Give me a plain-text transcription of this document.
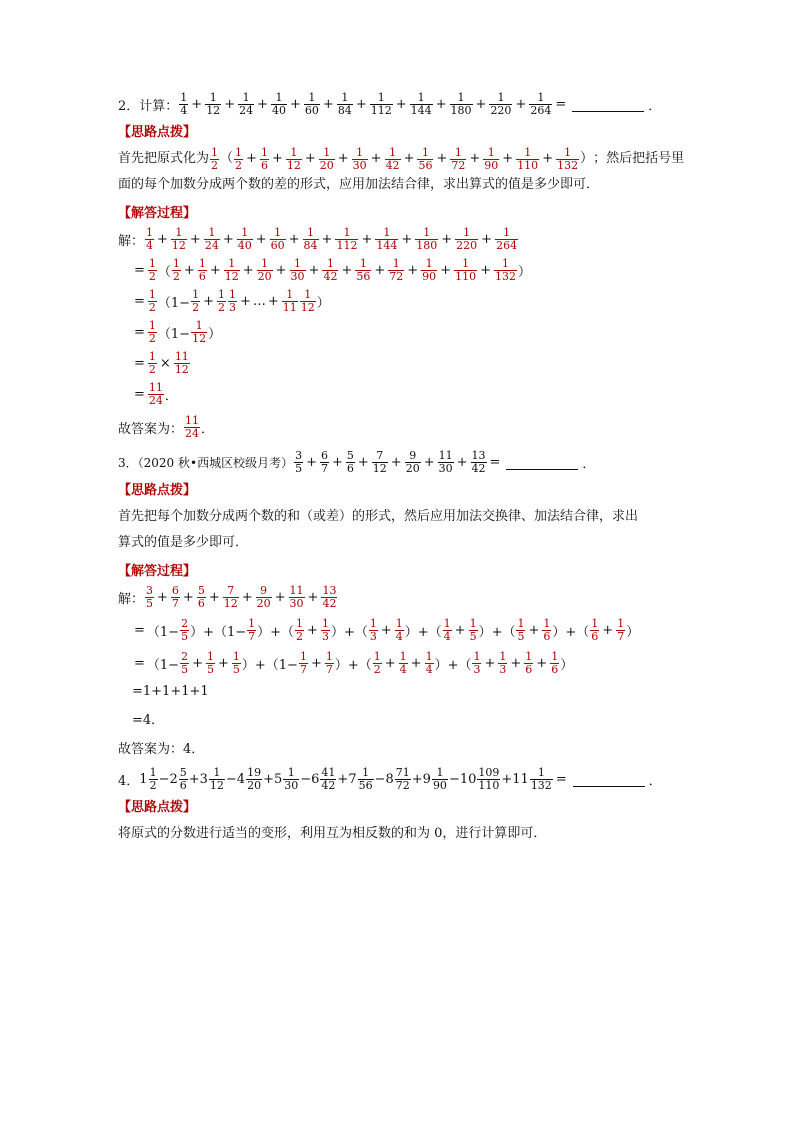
2．计算： $\frac{1}{4} + \frac{1}{12} + \frac{1}{24} + \frac{1}{40} + \frac{1}{60} + \frac{1}{84} + \frac{1}{112} + \frac{1}{144} + \frac{1}{180} + \frac{1}{220} + \frac{1}{264}$ =	．
【思路点拨】
首先把原式化为 $\frac{1}{2}$ （ $\frac{1}{2} + \frac{1}{6} + \frac{1}{12} + \frac{1}{20} + \frac{1}{30} + \frac{1}{42} + \frac{1}{56} + \frac{1}{72} + \frac{1}{90} + \frac{1}{110} + \frac{1}{132}$ ） ；然后把括号里
面的每个加数分成两个数的差的形式，应用加法结合律，求出算式的值是多少即可．
【解答过程】
解： $\frac{1}{4} + \frac{1}{12} + \frac{1}{24} + \frac{1}{40} + \frac{1}{60} + \frac{1}{84} + \frac{1}{112} + \frac{1}{144} + \frac{1}{180} + \frac{1}{220} + \frac{1}{264}$
= $\frac{1}{2}$ （ $\frac{1}{2} + \frac{1}{6} + \frac{1}{12} + \frac{1}{20} + \frac{1}{30} + \frac{1}{42} + \frac{1}{56} + \frac{1}{72} + \frac{1}{90} + \frac{1}{110} + \frac{1}{132}$ ）
= $\frac{1}{2} (1- \frac{1}{2} + \frac{1}{2} \frac{1}{3}$ + … + $\frac{1}{11} \frac{1}{12}$ ）
= $\frac{1}{2} (1- \frac{1}{12}$ ）
= $\frac{1}{2} \times \frac{11}{12}$
= $\frac{11}{24}$ ．
故答案为： $\frac{11}{24}$ ．
3．（2020 秋•西城区校级月考） $\frac{3}{5} + \frac{6}{7} + \frac{5}{6} + \frac{7}{12} + \frac{9}{20} + \frac{11}{30} + \frac{13}{42}$ =	．
【思路点拨】
首先把每个加数分成两个数的和（或差）的形式，然后应用加法交换律、加法结合律，求出
算式的值是多少即可．
【解答过程】
解： $\frac{3}{5} + \frac{6}{7} + \frac{5}{6} + \frac{7}{12} + \frac{9}{20} + \frac{11}{30} + \frac{13}{42}$
= $(1- \frac{2}{5} )+(1- \frac{1}{7}$ ）+（ $\frac{1}{2} + \frac{1}{3}$ ）+（ $\frac{1}{3} + \frac{1}{4}$ ）+（ $\frac{1}{4} + \frac{1}{5}$ ）+（ $\frac{1}{5} + \frac{1}{6}$ ）+（ $\frac{1}{6} + \frac{1}{7}$ ）
= $(1- \frac{2}{5} + \frac{1}{5} + \frac{1}{5} )+(1- \frac{1}{7} + \frac{1}{7}$ ）+（ $\frac{1}{2} + \frac{1}{4} + \frac{1}{4}$ ）+（ $\frac{1}{3} + \frac{1}{3} + \frac{1}{6} + \frac{1}{6}$ ）
=1+1+1+1
=4．
故答案为：4．
4． $1 \frac{1}{2} -2 \frac{5}{6} +3 \frac{1}{12} -4 \frac{19}{20} +5 \frac{1}{30} -6 \frac{41}{42} +7 \frac{1}{56} -8 \frac{71}{72} +9 \frac{1}{90} -10 \frac{109}{110} +11 \frac{1}{132}$ =	．
【思路点拨】
将原式的分数进行适当的变形，利用互为相反数的和为 0，进行计算即可．
